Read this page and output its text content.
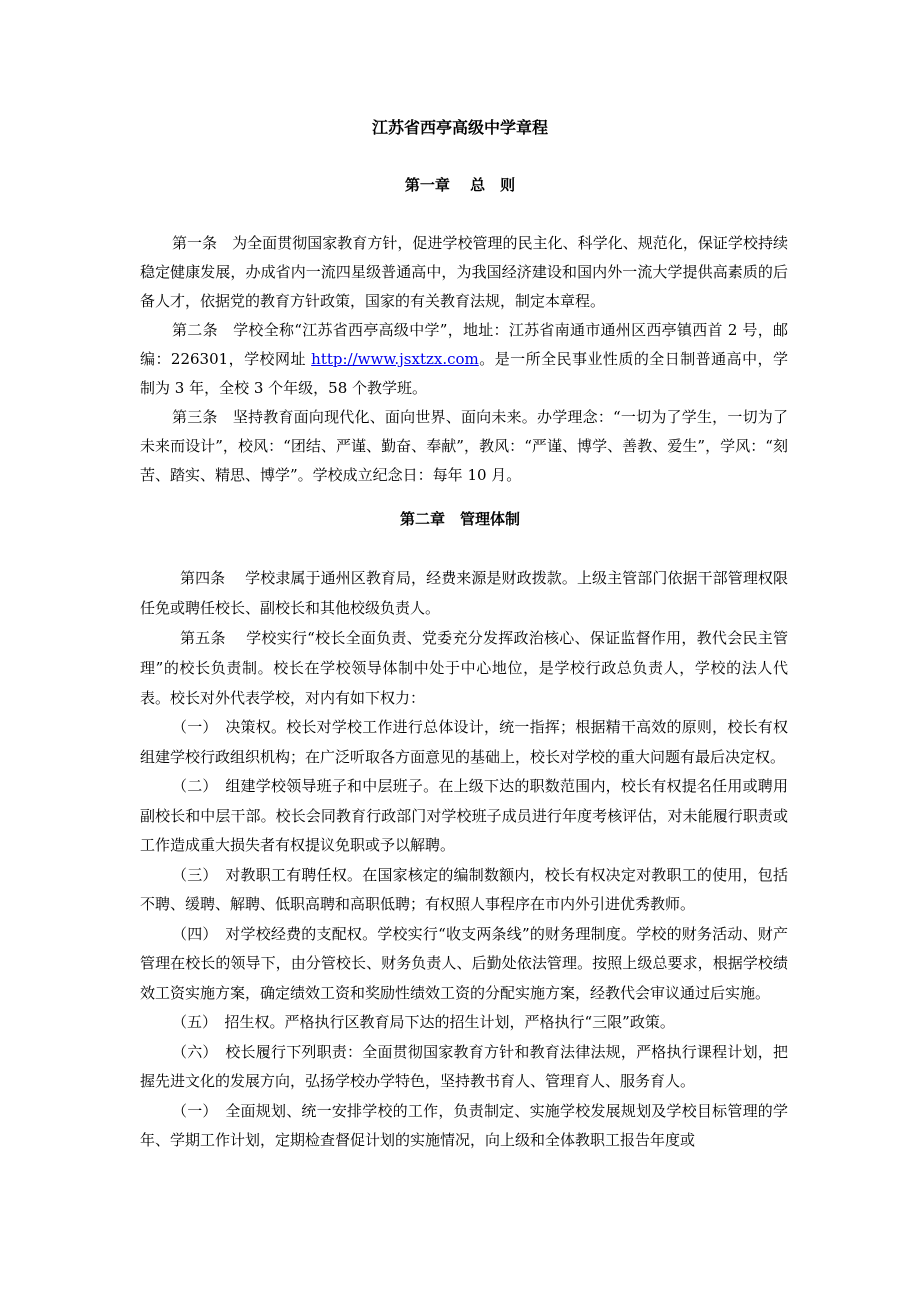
江苏省西亭高级中学章程
第一章　 总　则

第一条　为全面贯彻国家教育方针，促进学校管理的民主化、科学化、规范化，保证学校持续稳定健康发展，办成省内一流四星级普通高中，为我国经济建设和国内外一流大学提供高素质的后备人才，依据党的教育方针政策，国家的有关教育法规，制定本章程。

第二条　学校全称“江苏省西亭高级中学”，地址：江苏省南通市通州区西亭镇西首 2 号，邮编：226301，学校网址 http://www.jsxtzx.com。是一所全民事业性质的全日制普通高中，学制为 3 年，全校 3 个年级，58 个教学班。

第三条　坚持教育面向现代化、面向世界、面向未来。办学理念：“一切为了学生，一切为了未来而设计”，校风：“团结、严谨、勤奋、奉献”，教风：“严谨、博学、善教、爱生”，学风：“刻苦、踏实、精思、博学”。学校成立纪念日：每年 10 月。

第二章　管理体制

第四条　 学校隶属于通州区教育局，经费来源是财政拨款。上级主管部门依据干部管理权限任免或聘任校长、副校长和其他校级负责人。

第五条　 学校实行“校长全面负责、党委充分发挥政治核心、保证监督作用，教代会民主管理”的校长负责制。校长在学校领导体制中处于中心地位，是学校行政总负责人，学校的法人代表。校长对外代表学校，对内有如下权力：

（一）　决策权。校长对学校工作进行总体设计，统一指挥；根据精干高效的原则，校长有权组建学校行政组织机构；在广泛听取各方面意见的基础上，校长对学校的重大问题有最后决定权。

（二）　组建学校领导班子和中层班子。在上级下达的职数范围内，校长有权提名任用或聘用副校长和中层干部。校长会同教育行政部门对学校班子成员进行年度考核评估，对未能履行职责或工作造成重大损失者有权提议免职或予以解聘。

（三）　对教职工有聘任权。在国家核定的编制数额内，校长有权决定对教职工的使用，包括不聘、缓聘、解聘、低职高聘和高职低聘；有权照人事程序在市内外引进优秀教师。

（四）　对学校经费的支配权。学校实行“收支两条线”的财务理制度。学校的财务活动、财产管理在校长的领导下，由分管校长、财务负责人、后勤处依法管理。按照上级总要求，根据学校绩效工资实施方案，确定绩效工资和奖励性绩效工资的分配实施方案，经教代会审议通过后实施。

（五）　招生权。严格执行区教育局下达的招生计划，严格执行“三限”政策。

（六）　校长履行下列职责：全面贯彻国家教育方针和教育法律法规，严格执行课程计划，把握先进文化的发展方向，弘扬学校办学特色，坚持教书育人、管理育人、服务育人。

（一）　全面规划、统一安排学校的工作，负责制定、实施学校发展规划及学校目标管理的学年、学期工作计划，定期检查督促计划的实施情况，向上级和全体教职工报告年度或
